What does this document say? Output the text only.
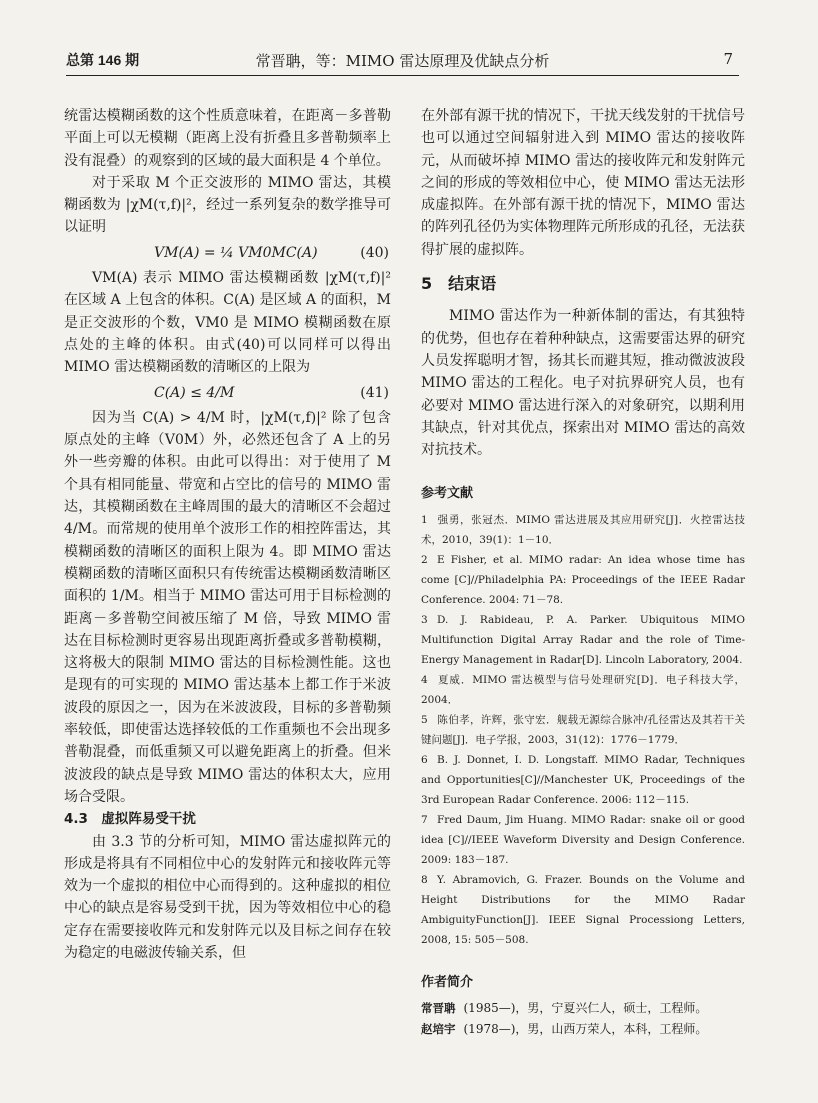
总第 146 期	常晋聃，等：MIMO 雷达原理及优缺点分析	7

统雷达模糊函数的这个性质意味着，在距离－多普勒平面上可以无模糊（距离上没有折叠且多普勒频率上没有混叠）的观察到的区域的最大面积是 4 个单位。

对于采取 M 个正交波形的 MIMO 雷达，其模糊函数为 |χM(τ,f)|²，经过一系列复杂的数学推导可以证明

VM(A) = ¼ VM0MC(A)	(40)

VM(A) 表示 MIMO 雷达模糊函数 |χM(τ,f)|² 在区域 A 上包含的体积。C(A) 是区域 A 的面积，M 是正交波形的个数，VM0 是 MIMO 模糊函数在原点处的主峰的体积。由式(40)可以同样可以得出 MIMO 雷达模糊函数的清晰区的上限为

C(A) ≤ 4/M	(41)

因为当 C(A) > 4/M 时，|χM(τ,f)|² 除了包含原点处的主峰（V0M）外，必然还包含了 A 上的另外一些旁瓣的体积。由此可以得出：对于使用了 M 个具有相同能量、带宽和占空比的信号的 MIMO 雷达，其模糊函数在主峰周围的最大的清晰区不会超过 4/M。而常规的使用单个波形工作的相控阵雷达，其模糊函数的清晰区的面积上限为 4。即 MIMO 雷达模糊函数的清晰区面积只有传统雷达模糊函数清晰区面积的 1/M。相当于 MIMO 雷达可用于目标检测的距离－多普勒空间被压缩了 M 倍，导致 MIMO 雷达在目标检测时更容易出现距离折叠或多普勒模糊，这将极大的限制 MIMO 雷达的目标检测性能。这也是现有的可实现的 MIMO 雷达基本上都工作于米波波段的原因之一，因为在米波波段，目标的多普勒频率较低，即使雷达选择较低的工作重频也不会出现多普勒混叠，而低重频又可以避免距离上的折叠。但米波波段的缺点是导致 MIMO 雷达的体积太大，应用场合受限。

4.3　虚拟阵易受干扰

由 3.3 节的分析可知，MIMO 雷达虚拟阵元的形成是将具有不同相位中心的发射阵元和接收阵元等效为一个虚拟的相位中心而得到的。这种虚拟的相位中心的缺点是容易受到干扰，因为等效相位中心的稳定存在需要接收阵元和发射阵元以及目标之间存在较为稳定的电磁波传输关系，但

在外部有源干扰的情况下，干扰天线发射的干扰信号也可以通过空间辐射进入到 MIMO 雷达的接收阵元，从而破坏掉 MIMO 雷达的接收阵元和发射阵元之间的形成的等效相位中心，使 MIMO 雷达无法形成虚拟阵。在外部有源干扰的情况下，MIMO 雷达的阵列孔径仍为实体物理阵元所形成的孔径，无法获得扩展的虚拟阵。

5　结束语

MIMO 雷达作为一种新体制的雷达，有其独特的优势，但也存在着种种缺点，这需要雷达界的研究人员发挥聪明才智，扬其长而避其短，推动微波波段 MIMO 雷达的工程化。电子对抗界研究人员，也有必要对 MIMO 雷达进行深入的对象研究，以期利用其缺点，针对其优点，探索出对 MIMO 雷达的高效对抗技术。

参考文献

1 强勇，张冠杰．MIMO 雷达进展及其应用研究[J]．火控雷达技术，2010，39(1)：1－10．

2 E Fisher, et al. MIMO radar: An idea whose time has come [C]//Philadelphia PA: Proceedings of the IEEE Radar Conference. 2004: 71－78.

3 D. J. Rabideau, P. A. Parker. Ubiquitous MIMO Multifunction Digital Array Radar and the role of Time-Energy Management in Radar[D]. Lincoln Laboratory, 2004.

4 夏威．MIMO 雷达模型与信号处理研究[D]．电子科技大学，2004．

5 陈伯孝，许辉，张守宏．舰载无源综合脉冲/孔径雷达及其若干关键问题[J]．电子学报，2003，31(12)：1776－1779．

6 B. J. Donnet, I. D. Longstaff. MIMO Radar, Techniques and Opportunities[C]//Manchester UK, Proceedings of the 3rd European Radar Conference. 2006: 112－115.

7 Fred Daum, Jim Huang. MIMO Radar: snake oil or good idea [C]//IEEE Waveform Diversity and Design Conference. 2009: 183－187.

8 Y. Abramovich, G. Frazer. Bounds on the Volume and Height Distributions for the MIMO Radar AmbiguityFunction[J]. IEEE Signal Processiong Letters, 2008, 15: 505－508.

作者简介

常晋聃 (1985—)，男，宁夏兴仁人，硕士，工程师。

赵培宇 (1978—)，男，山西万荣人，本科，工程师。
